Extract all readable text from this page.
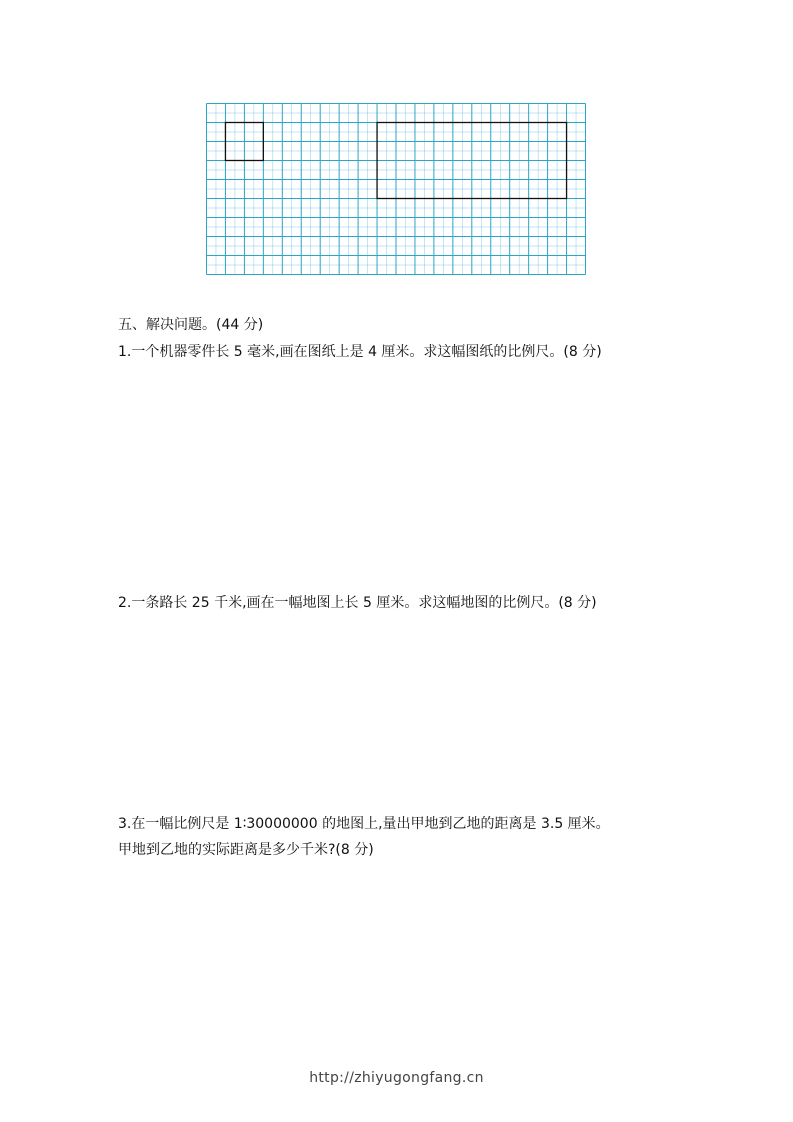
五、解决问题。(44 分)
1.一个机器零件长 5 毫米,画在图纸上是 4 厘米。求这幅图纸的比例尺。(8 分)
2.一条路长 25 千米,画在一幅地图上长 5 厘米。求这幅地图的比例尺。(8 分)
3.在一幅比例尺是 1∶30000000 的地图上,量出甲地到乙地的距离是 3.5 厘米。
甲地到乙地的实际距离是多少千米?(8 分)
http://zhiyugongfang.cn
